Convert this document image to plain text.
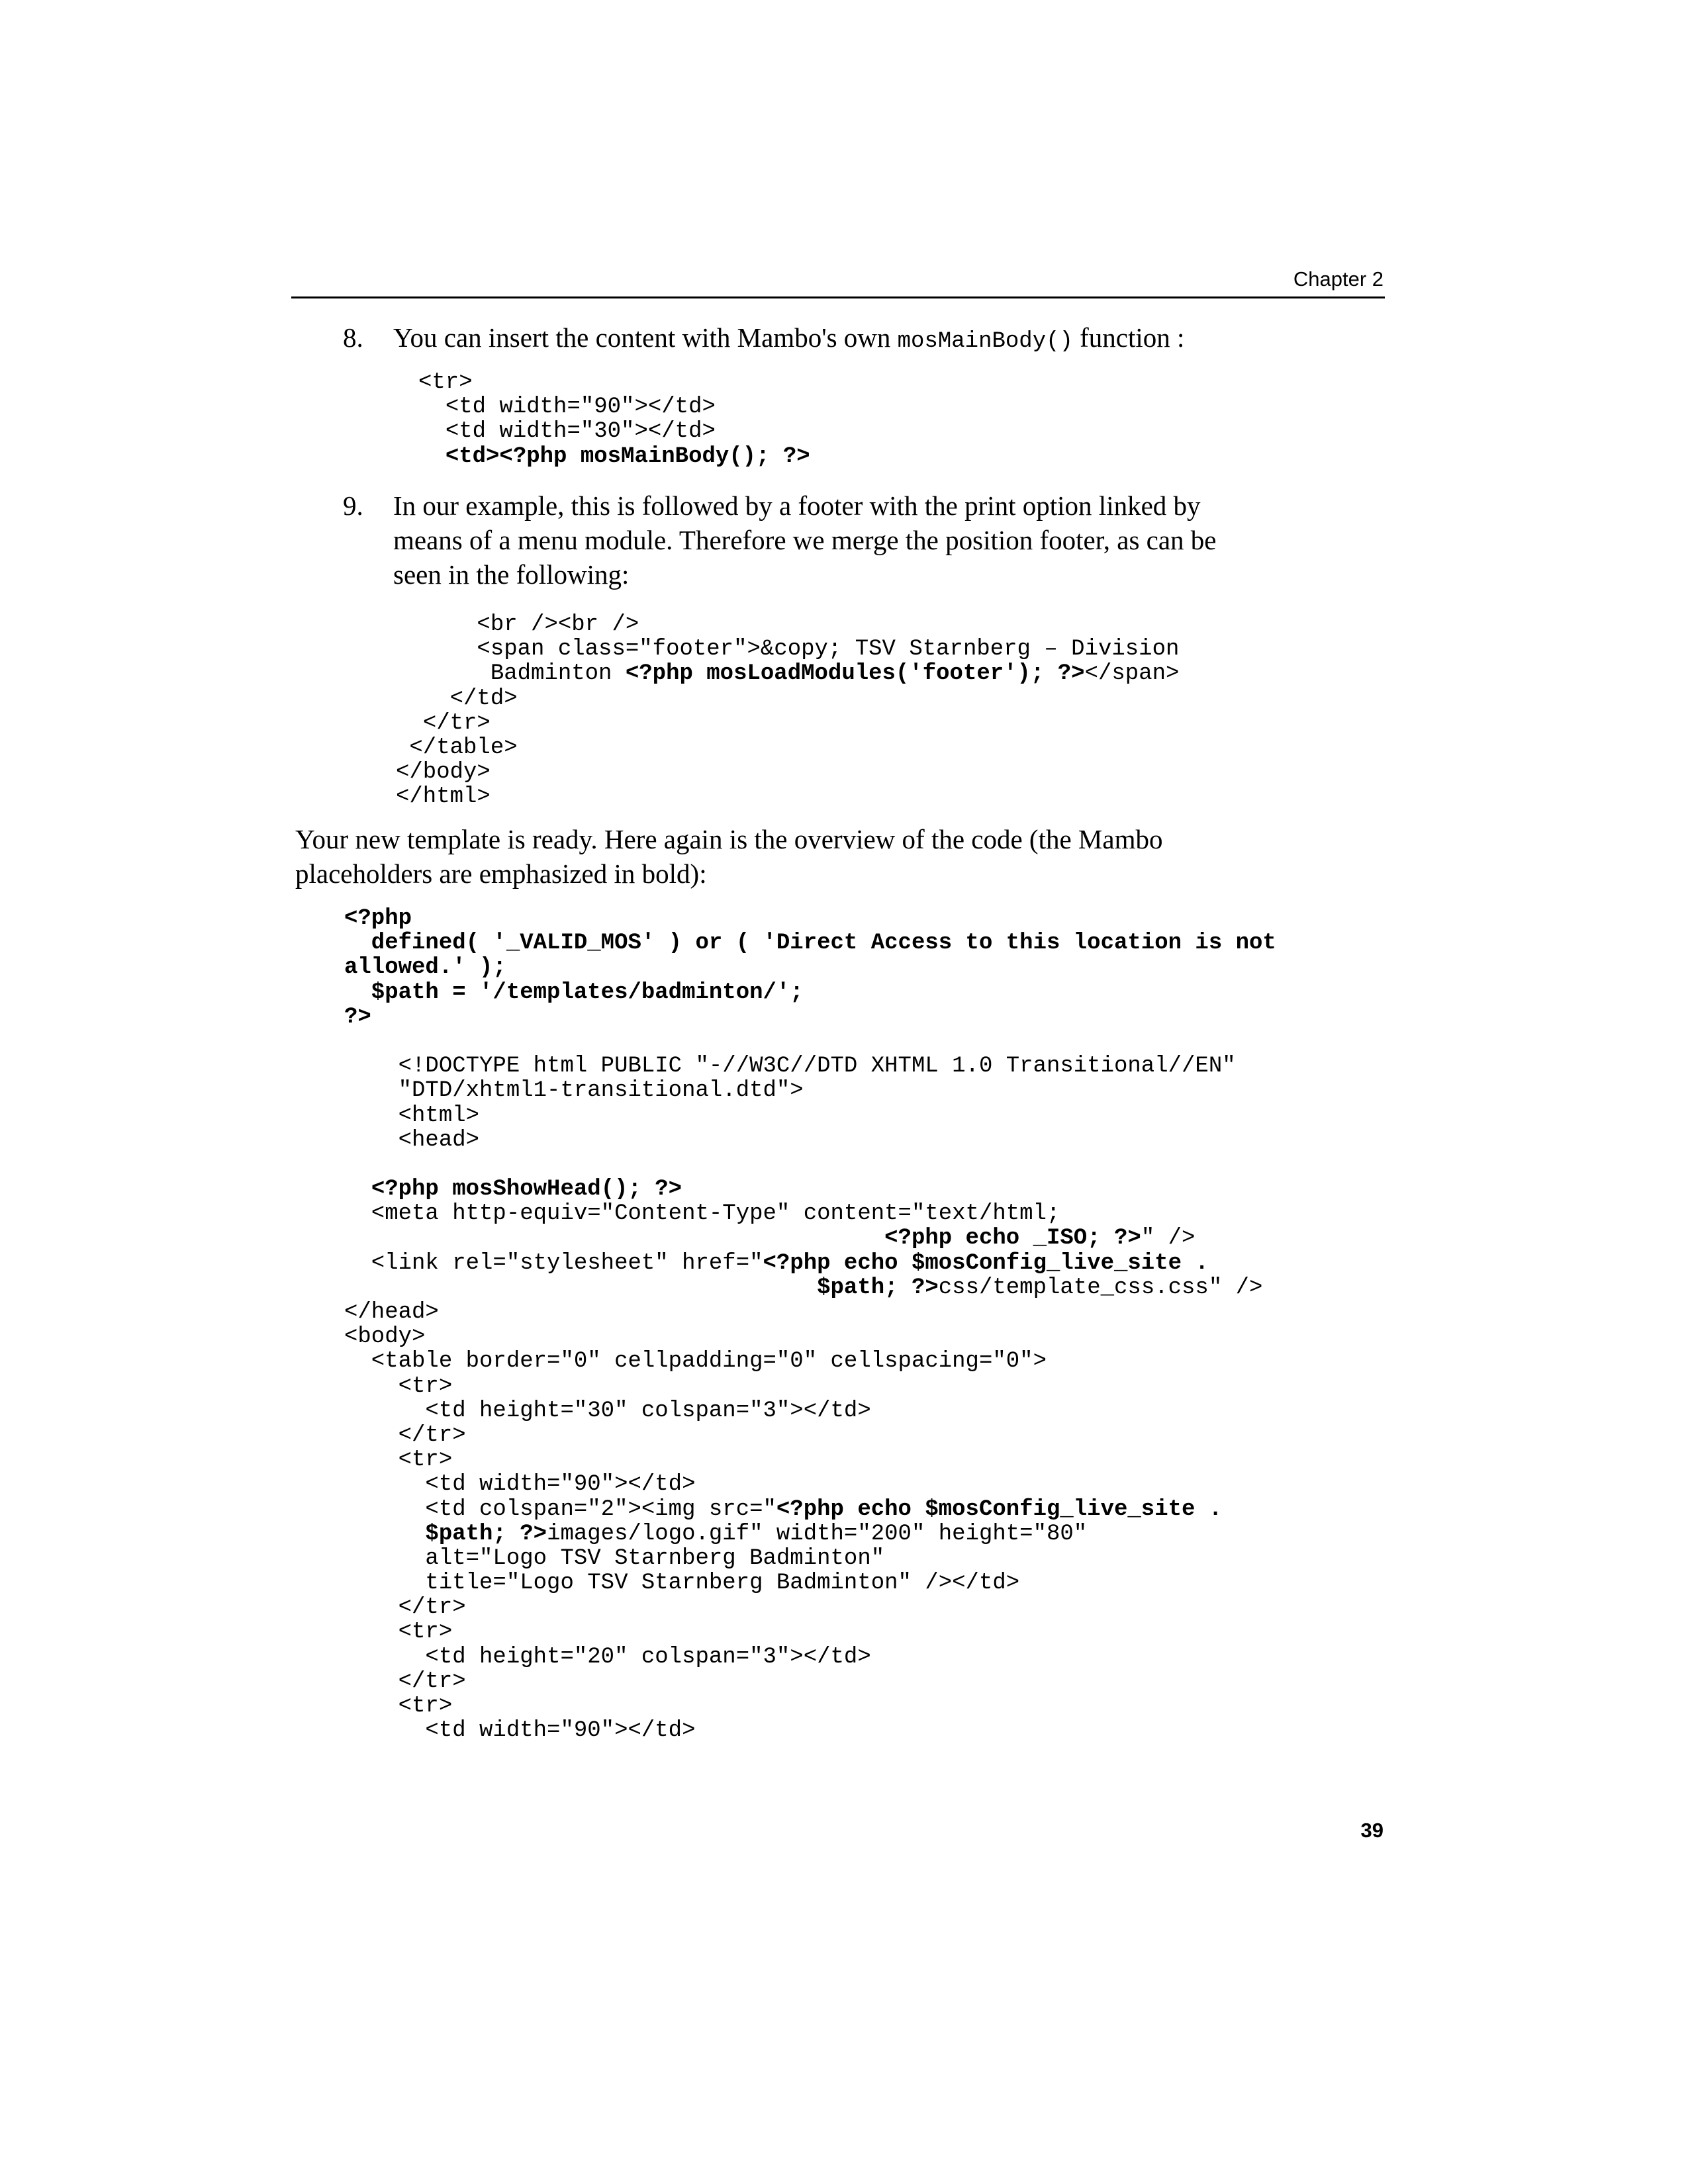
Chapter 2
8. You can insert the content with Mambo's own mosMainBody() function :
<tr>
<td width="90"></td>
<td width="30"></td>
<td><?php mosMainBody(); ?>
9. In our example, this is followed by a footer with the print option linked by
means of a menu module. Therefore we merge the position footer, as can be
seen in the following:
<br /><br />
<span class="footer">&copy; TSV Starnberg – Division
Badminton <?php mosLoadModules('footer'); ?></span>
</td>
</tr>
</table>
</body>
</html>
Your new template is ready. Here again is the overview of the code (the Mambo
placeholders are emphasized in bold):
<?php
defined( '_VALID_MOS' ) or ( 'Direct Access to this location is not
allowed.' );
$path = '/templates/badminton/';
?>
<!DOCTYPE html PUBLIC "-//W3C//DTD XHTML 1.0 Transitional//EN"
"DTD/xhtml1-transitional.dtd">
<html>
<head>
<?php mosShowHead(); ?>
<meta http-equiv="Content-Type" content="text/html;
<?php echo _ISO; ?>" />
<link rel="stylesheet" href="<?php echo $mosConfig_live_site .
$path; ?>css/template_css.css" />
</head>
<body>
<table border="0" cellpadding="0" cellspacing="0">
<tr>
<td height="30" colspan="3"></td>
</tr>
<tr>
<td width="90"></td>
<td colspan="2"><img src="<?php echo $mosConfig_live_site .
$path; ?>images/logo.gif" width="200" height="80"
alt="Logo TSV Starnberg Badminton"
title="Logo TSV Starnberg Badminton" /></td>
</tr>
<tr>
<td height="20" colspan="3"></td>
</tr>
<tr>
<td width="90"></td>
39
